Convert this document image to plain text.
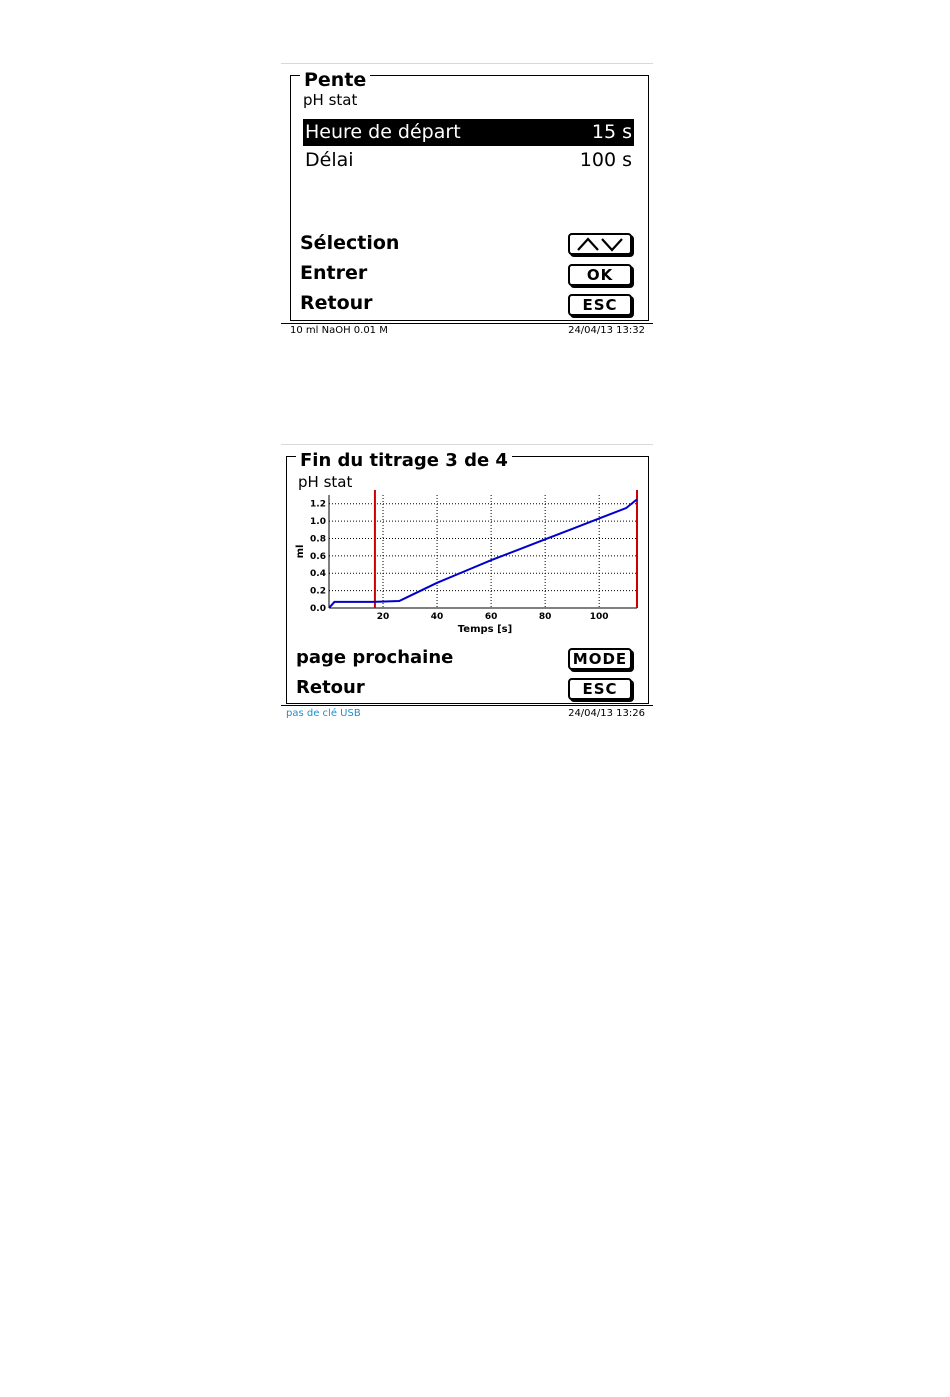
Pente
pH stat
Heure de départ	15 s
Délai	100 s
Sélection
Entrer	OK
Retour	ESC
10 ml NaOH 0.01 M	24/04/13 13:32
Fin du titrage 3 de 4
pH stat
0.0
0.2
0.4
0.6
0.8
1.0
1.2
20	40	60	80	100
Temps [s]
ml
page prochaine	MODE
Retour	ESC
pas de clé USB	24/04/13 13:26
